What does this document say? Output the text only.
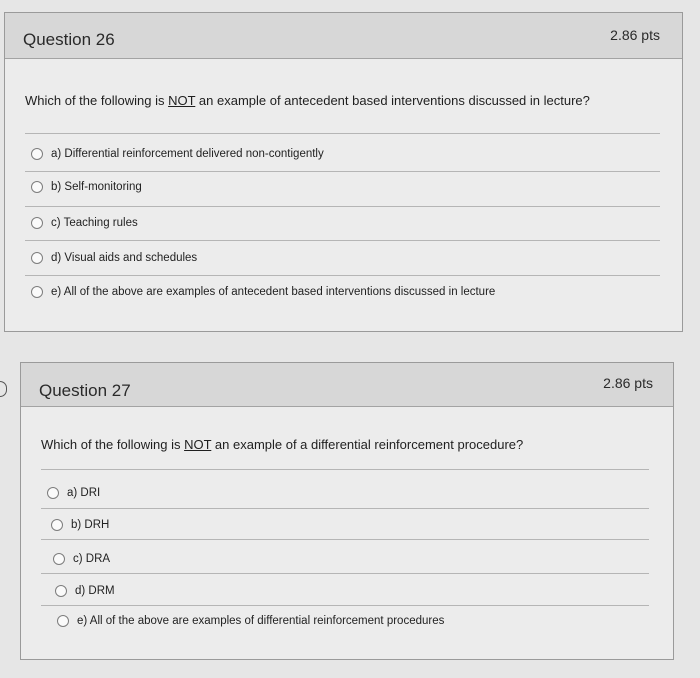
Question 26	2.86 pts
Which of the following is NOT an example of antecedent based interventions discussed in lecture?
a) Differential reinforcement delivered non-contigently
b) Self-monitoring
c) Teaching rules
d) Visual aids and schedules
e) All of the above are examples of antecedent based interventions discussed in lecture
Question 27	2.86 pts
Which of the following is NOT an example of a differential reinforcement procedure?
a) DRI
b) DRH
c) DRA
d) DRM
e) All of the above are examples of differential reinforcement procedures
